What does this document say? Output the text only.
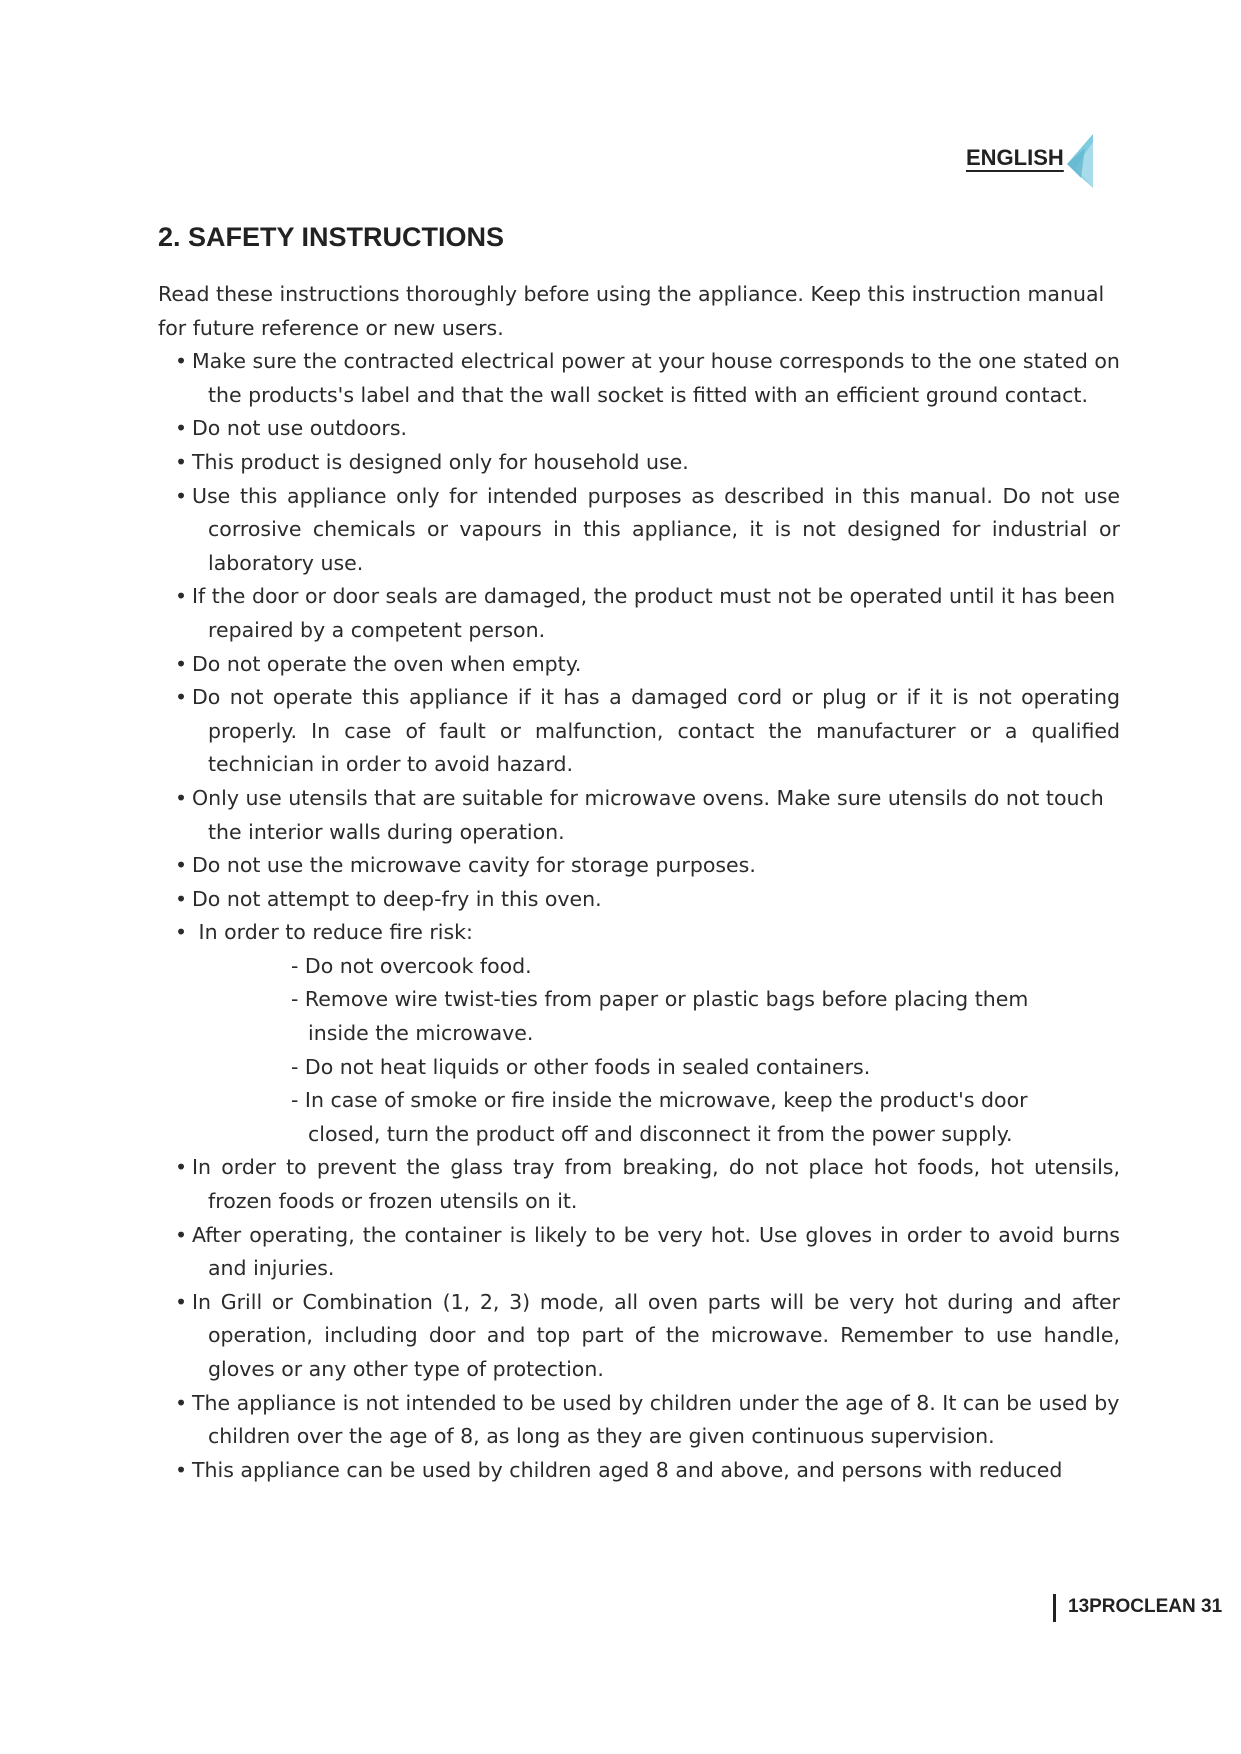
ENGLISH
2. SAFETY INSTRUCTIONS

Read these instructions thoroughly before using the appliance. Keep this instruction manual for future reference or new users.

• Make sure the contracted electrical power at your house corresponds to the one stated on the products's label and that the wall socket is fitted with an efficient ground contact.
• Do not use outdoors.
• This product is designed only for household use.
• Use this appliance only for intended purposes as described in this manual. Do not use corrosive chemicals or vapours in this appliance, it is not designed for industrial or laboratory use.
• If the door or door seals are damaged, the product must not be operated until it has been repaired by a competent person.
• Do not operate the oven when empty.
• Do not operate this appliance if it has a damaged cord or plug or if it is not operating properly. In case of fault or malfunction, contact the manufacturer or a qualified technician in order to avoid hazard.
• Only use utensils that are suitable for microwave ovens. Make sure utensils do not touch the interior walls during operation.
• Do not use the microwave cavity for storage purposes.
• Do not attempt to deep-fry in this oven.
• In order to reduce fire risk:
- Do not overcook food.
- Remove wire twist-ties from paper or plastic bags before placing them inside the microwave.
- Do not heat liquids or other foods in sealed containers.
- In case of smoke or fire inside the microwave, keep the product's door closed, turn the product off and disconnect it from the power supply.
• In order to prevent the glass tray from breaking, do not place hot foods, hot utensils, frozen foods or frozen utensils on it.
• After operating, the container is likely to be very hot. Use gloves in order to avoid burns and injuries.
• In Grill or Combination (1, 2, 3) mode, all oven parts will be very hot during and after operation, including door and top part of the microwave. Remember to use handle, gloves or any other type of protection.
• The appliance is not intended to be used by children under the age of 8. It can be used by children over the age of 8, as long as they are given continuous supervision.
• This appliance can be used by children aged 8 and above, and persons with reduced
13PROCLEAN 31
